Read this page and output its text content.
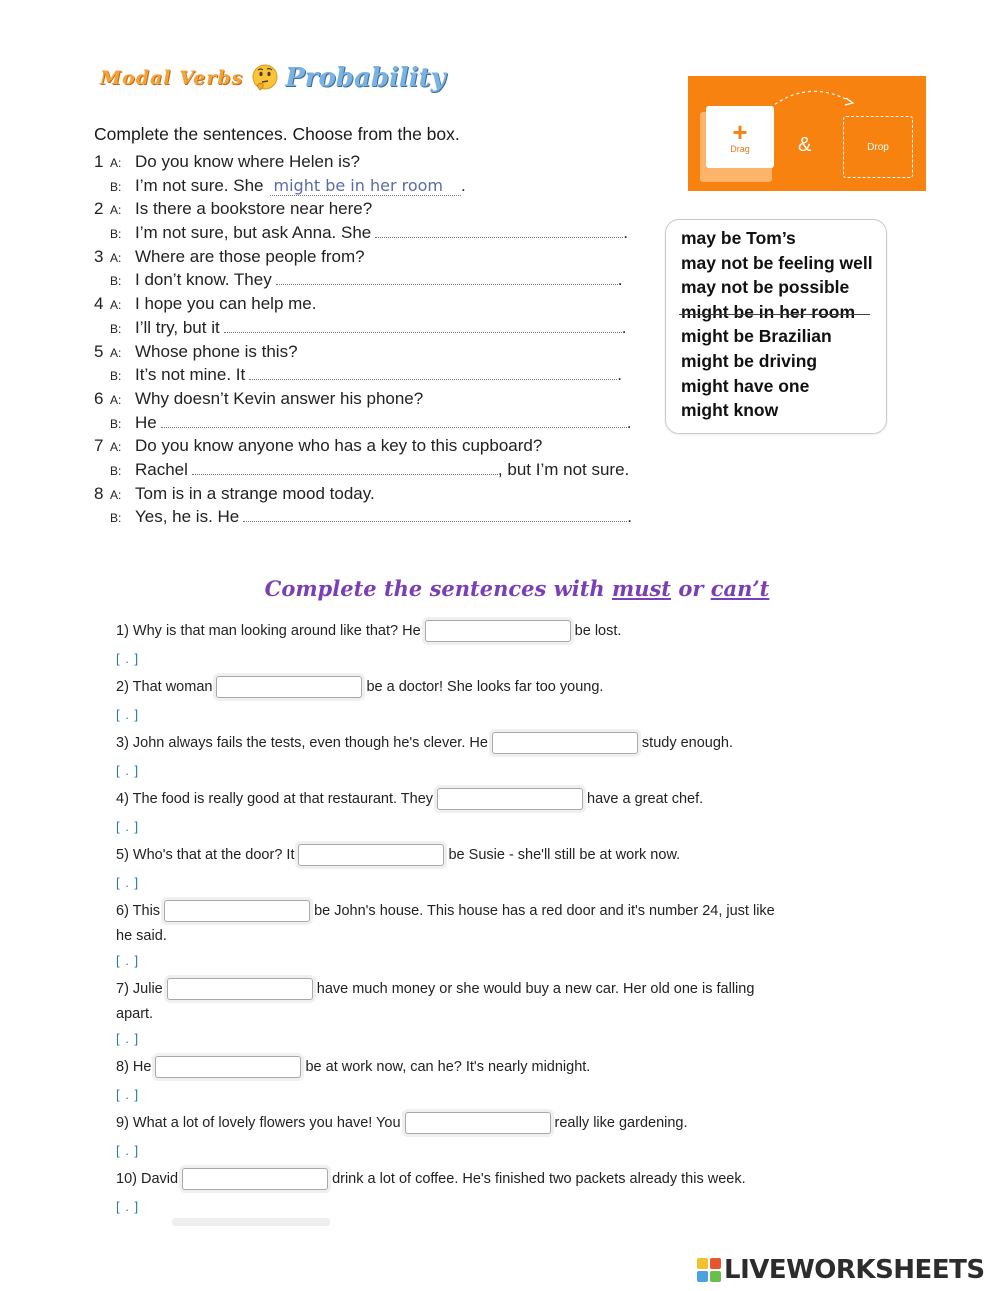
Modal Verbs Probability
+
Drag &	Drop
Complete the sentences. Choose from the box.
1 A: Do you know where Helen is?
B: I’m not sure. She might be in her room	.
2 A: Is there a bookstore near here?
B: I’m not sure, but ask Anna. She	.
3 A: Where are those people from?
B: I don’t know. They	.
4 A: I hope you can help me.
B: I’ll try, but it	.
5 A: Whose phone is this?
B: It’s not mine. It	.
6 A: Why doesn’t Kevin answer his phone?
B: He	.
7 A: Do you know anyone who has a key to this cupboard?
B: Rachel	, but I’m not sure.
8 A: Tom is in a strange mood today.
B: Yes, he is. He	.
may be Tom’s
may not be feeling well
may not be possible
might be in her room
might be Brazilian
might be driving
might have one
might know
Complete the sentences with must or can’t
1) Why is that man looking around like that? He	be lost.
[ . ]
2) That woman	be a doctor! She looks far too young.
[ . ]
3) John always fails the tests, even though he's clever. He	study enough.
[ . ]
4) The food is really good at that restaurant. They	have a great chef.
[ . ]
5) Who's that at the door? It	be Susie - she'll still be at work now.
[ . ]
6) This	be John's house. This house has a red door and it's number 24, just like
he said.
[ . ]
7) Julie	have much money or she would buy a new car. Her old one is falling
apart.
[ . ]
8) He	be at work now, can he? It's nearly midnight.
[ . ]
9) What a lot of lovely flowers you have! You	really like gardening.
[ . ]
10) David	drink a lot of coffee. He's finished two packets already this week.
[ . ]
LIVEWORKSHEETS
